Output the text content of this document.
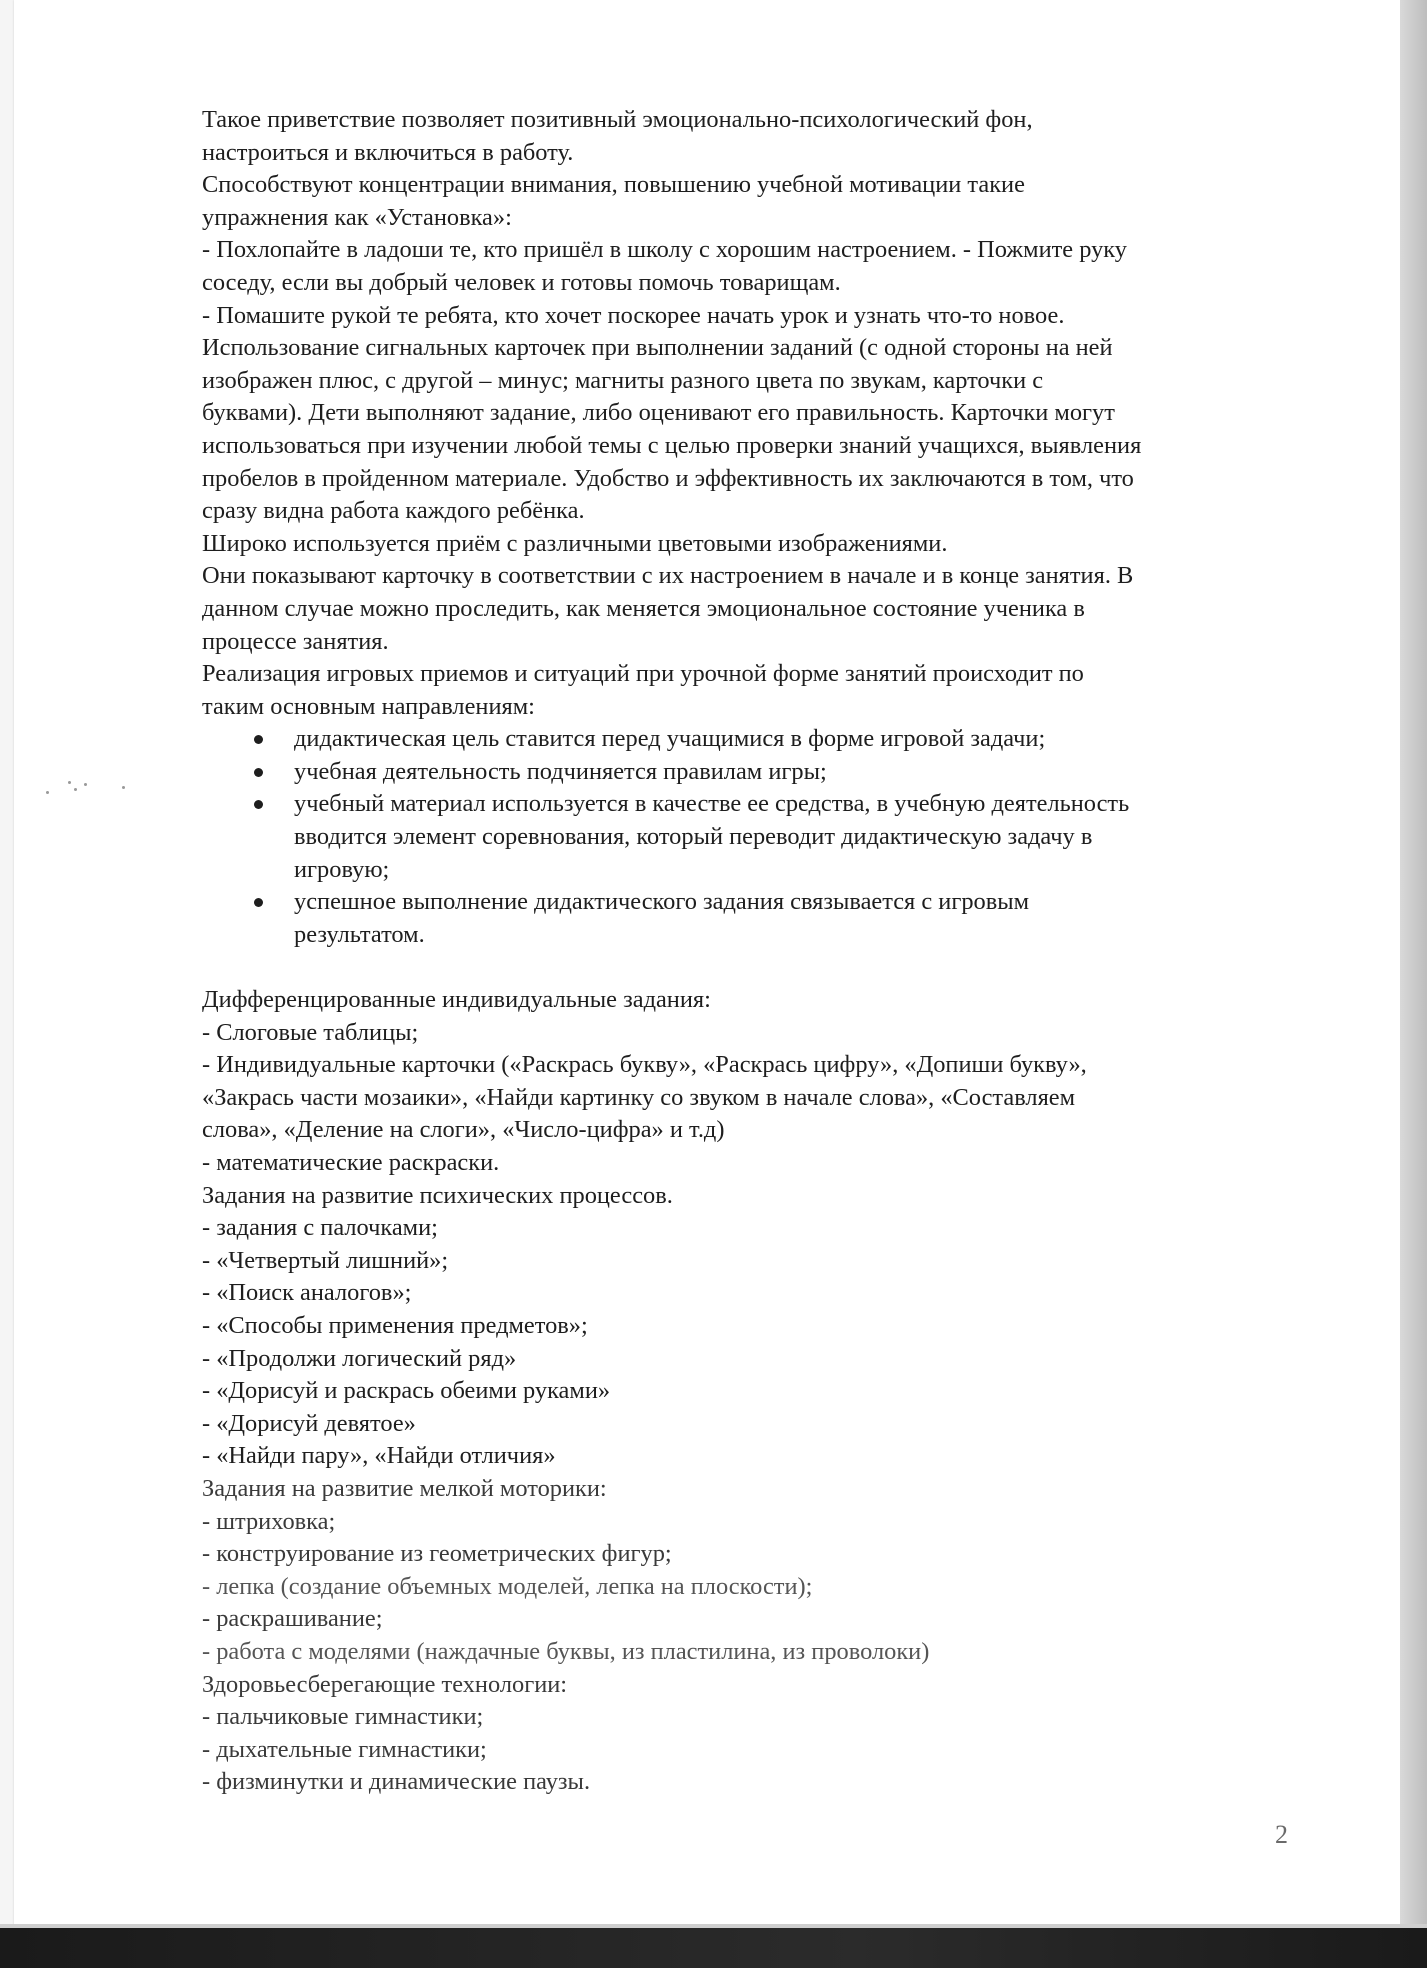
Такое приветствие позволяет позитивный эмоционально-психологический фон,

настроиться и включиться в работу.

Способствуют концентрации внимания, повышению учебной мотивации такие

упражнения как «Установка»:

- Похлопайте в ладоши те, кто пришёл в школу с хорошим настроением. - Пожмите руку

соседу, если вы добрый человек и готовы помочь товарищам.

- Помашите рукой те ребята, кто хочет поскорее начать урок и узнать что-то новое.

Использование сигнальных карточек при выполнении заданий (с одной стороны на ней

изображен плюс, с другой – минус; магниты разного цвета по звукам, карточки с

буквами). Дети выполняют задание, либо оценивают его правильность. Карточки могут

использоваться при изучении любой темы с целью проверки знаний учащихся, выявления

пробелов в пройденном материале. Удобство и эффективность их заключаются в том, что

сразу видна работа каждого ребёнка.

Широко используется приём с различными цветовыми изображениями.

Они показывают карточку в соответствии с их настроением в начале и в конце занятия. В

данном случае можно проследить, как меняется эмоциональное состояние ученика в

процессе занятия.

Реализация игровых приемов и ситуаций при урочной форме занятий происходит по

таким основным направлениям:

дидактическая цель ставится перед учащимися в форме игровой задачи;
учебная деятельность подчиняется правилам игры;
учебный материал используется в качестве ее средства, в учебную деятельность
вводится элемент соревнования, который переводит дидактическую задачу в
игровую;
успешное выполнение дидактического задания связывается с игровым
результатом.

Дифференцированные индивидуальные задания:

- Слоговые таблицы;

- Индивидуальные карточки («Раскрась букву», «Раскрась цифру», «Допиши букву»,

«Закрась части мозаики», «Найди картинку со звуком в начале слова», «Составляем

слова», «Деление на слоги», «Число-цифра» и т.д)

- математические раскраски.

Задания на развитие психических процессов.

- задания с палочками;

- «Четвертый лишний»;

- «Поиск аналогов»;

- «Способы применения предметов»;

- «Продолжи логический ряд»

- «Дорисуй и раскрась обеими руками»

- «Дорисуй девятое»

- «Найди пару», «Найди отличия»

Задания на развитие мелкой моторики:

- штриховка;

- конструирование из геометрических фигур;

- лепка (создание объемных моделей, лепка на плоскости);

- раскрашивание;

- работа с моделями (наждачные буквы, из пластилина, из проволоки)

Здоровьесберегающие технологии:

- пальчиковые гимнастики;

- дыхательные гимнастики;

- физминутки и динамические паузы.

2
